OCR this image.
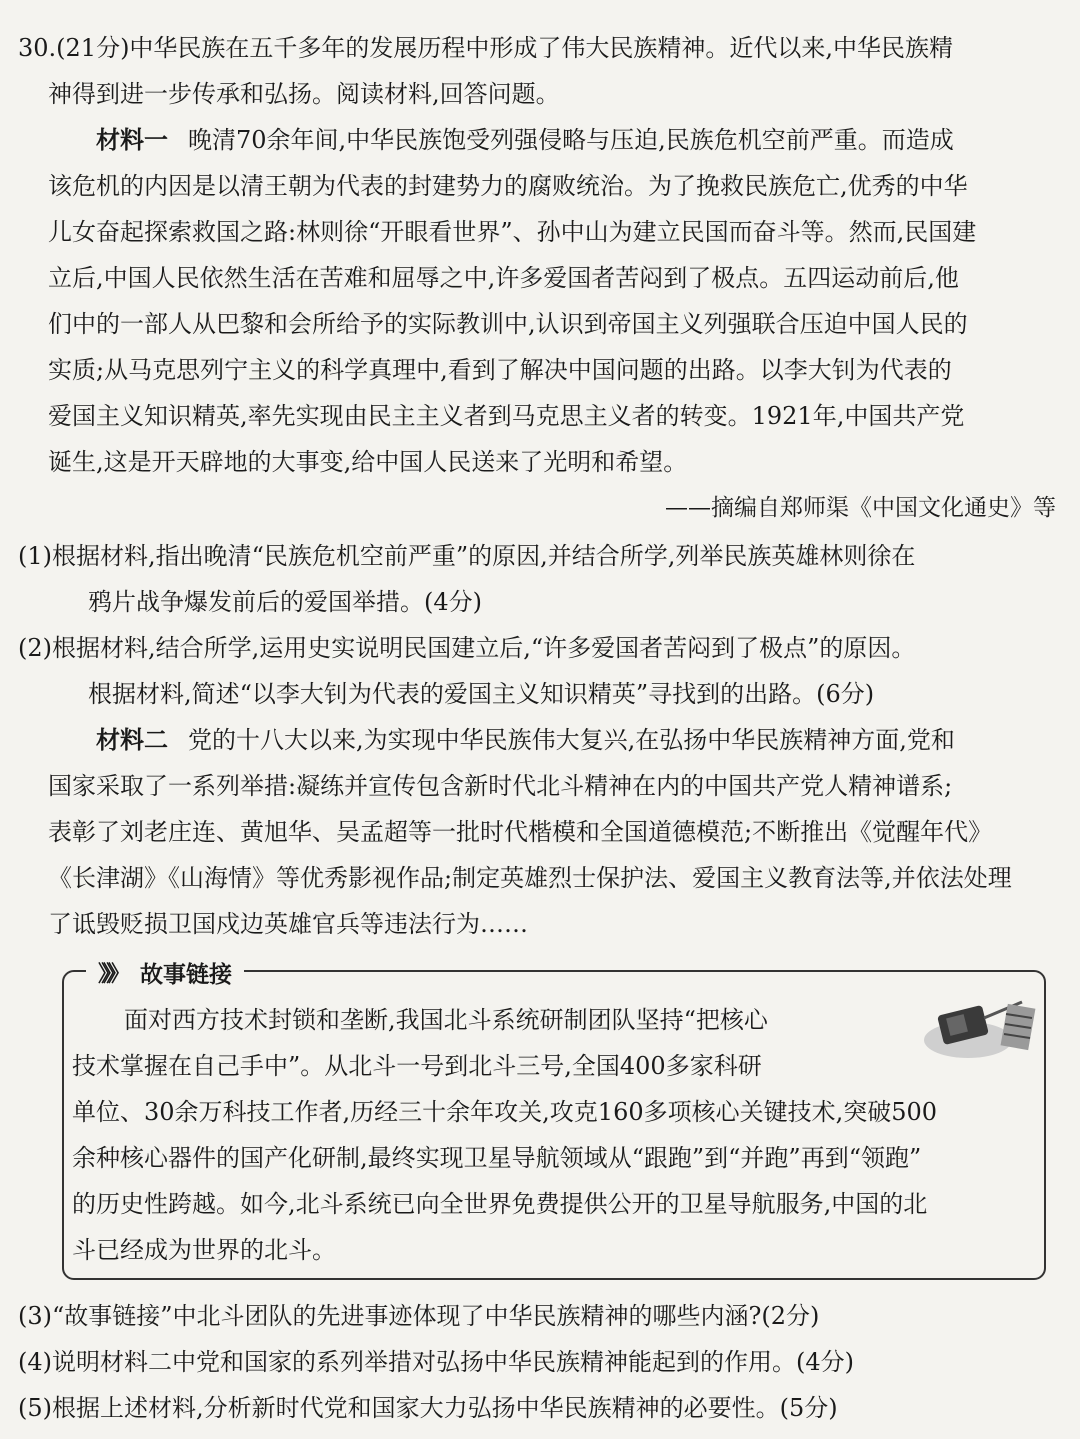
30.(21分)中华民族在五千多年的发展历程中形成了伟大民族精神。近代以来,中华民族精
神得到进一步传承和弘扬。阅读材料,回答问题。
材料一 晚清70余年间,中华民族饱受列强侵略与压迫,民族危机空前严重。而造成
该危机的内因是以清王朝为代表的封建势力的腐败统治。为了挽救民族危亡,优秀的中华
儿女奋起探索救国之路:林则徐“开眼看世界”、孙中山为建立民国而奋斗等。然而,民国建
立后,中国人民依然生活在苦难和屈辱之中,许多爱国者苦闷到了极点。五四运动前后,他
们中的一部人从巴黎和会所给予的实际教训中,认识到帝国主义列强联合压迫中国人民的
实质;从马克思列宁主义的科学真理中,看到了解决中国问题的出路。以李大钊为代表的
爱国主义知识精英,率先实现由民主主义者到马克思主义者的转变。1921年,中国共产党
诞生,这是开天辟地的大事变,给中国人民送来了光明和希望。
——摘编自郑师渠《中国文化通史》等
(1)根据材料,指出晚清“民族危机空前严重”的原因,并结合所学,列举民族英雄林则徐在
鸦片战争爆发前后的爱国举措。(4分)
(2)根据材料,结合所学,运用史实说明民国建立后,“许多爱国者苦闷到了极点”的原因。
根据材料,简述“以李大钊为代表的爱国主义知识精英”寻找到的出路。(6分)
材料二 党的十八大以来,为实现中华民族伟大复兴,在弘扬中华民族精神方面,党和
国家采取了一系列举措:凝练并宣传包含新时代北斗精神在内的中国共产党人精神谱系;
表彰了刘老庄连、黄旭华、吴孟超等一批时代楷模和全国道德模范;不断推出《觉醒年代》
《长津湖》《山海情》等优秀影视作品;制定英雄烈士保护法、爱国主义教育法等,并依法处理
了诋毁贬损卫国戍边英雄官兵等违法行为……
》》》 故事链接
面对西方技术封锁和垄断,我国北斗系统研制团队坚持“把核心
技术掌握在自己手中”。从北斗一号到北斗三号,全国400多家科研
单位、30余万科技工作者,历经三十余年攻关,攻克160多项核心关键技术,突破500
余种核心器件的国产化研制,最终实现卫星导航领域从“跟跑”到“并跑”再到“领跑”
的历史性跨越。如今,北斗系统已向全世界免费提供公开的卫星导航服务,中国的北
斗已经成为世界的北斗。
(3)“故事链接”中北斗团队的先进事迹体现了中华民族精神的哪些内涵?(2分)
(4)说明材料二中党和国家的系列举措对弘扬中华民族精神能起到的作用。(4分)
(5)根据上述材料,分析新时代党和国家大力弘扬中华民族精神的必要性。(5分)
